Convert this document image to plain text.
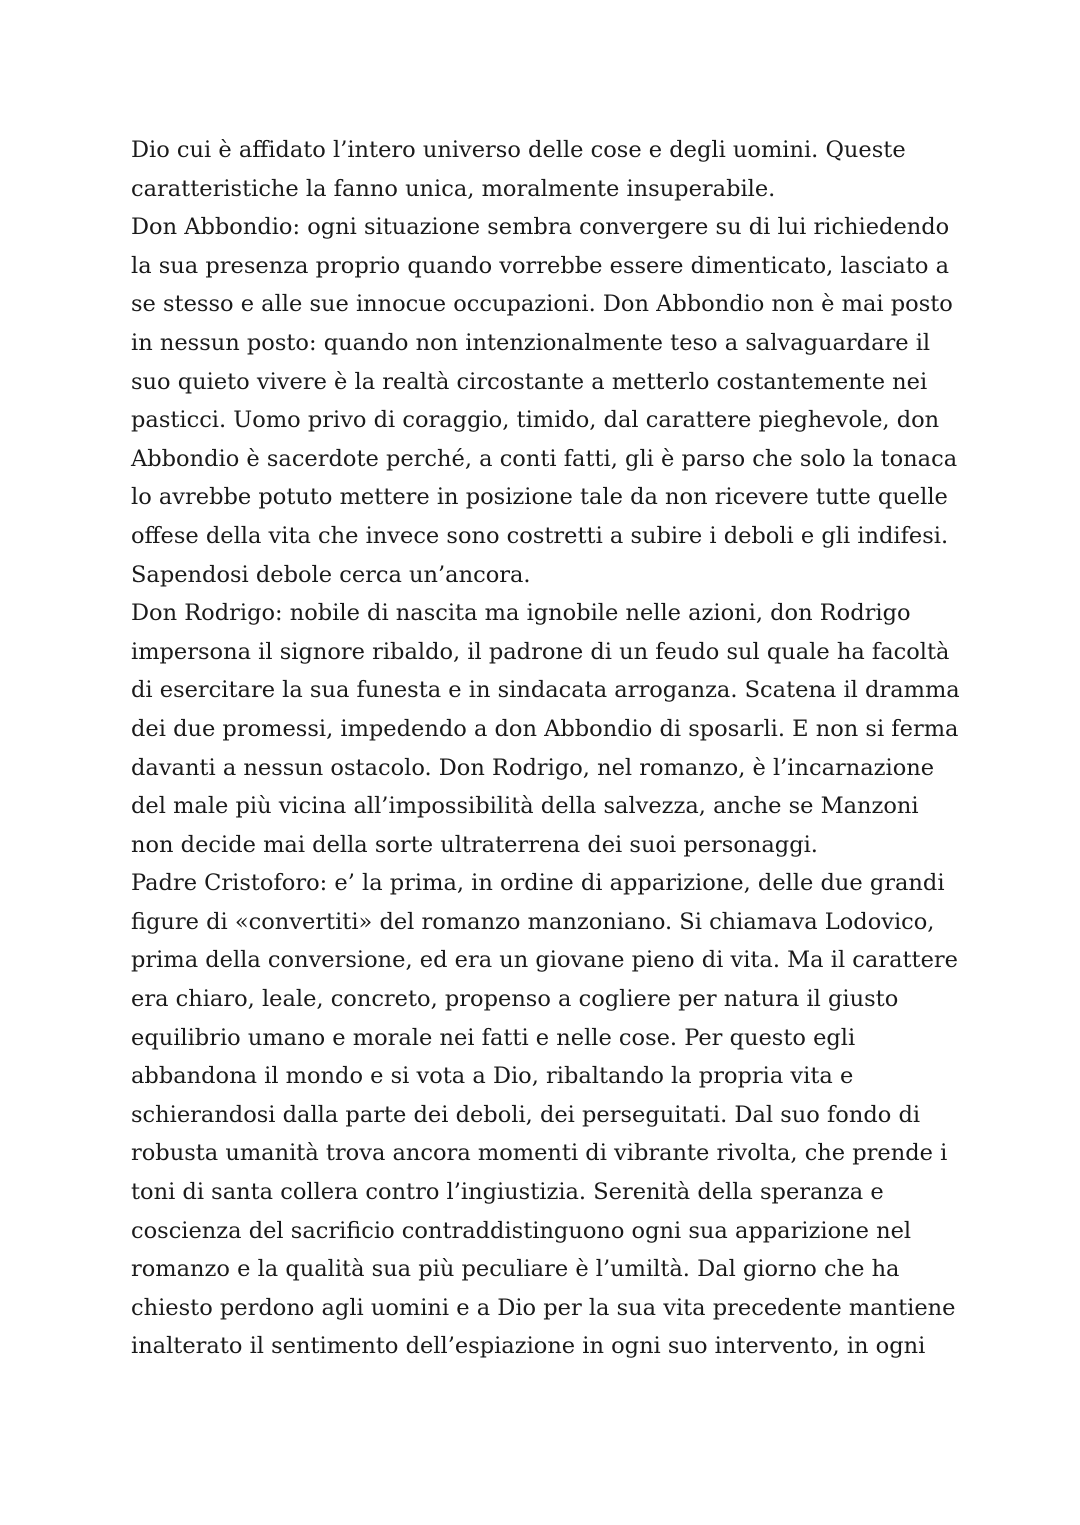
Dio cui è affidato l’intero universo delle cose e degli uomini. Queste
caratteristiche la fanno unica, moralmente insuperabile.
Don Abbondio: ogni situazione sembra convergere su di lui richiedendo
la sua presenza proprio quando vorrebbe essere dimenticato, lasciato a
se stesso e alle sue innocue occupazioni. Don Abbondio non è mai posto
in nessun posto: quando non intenzionalmente teso a salvaguardare il
suo quieto vivere è la realtà circostante a metterlo costantemente nei
pasticci. Uomo privo di coraggio, timido, dal carattere pieghevole, don
Abbondio è sacerdote perché, a conti fatti, gli è parso che solo la tonaca
lo avrebbe potuto mettere in posizione tale da non ricevere tutte quelle
offese della vita che invece sono costretti a subire i deboli e gli indifesi.
Sapendosi debole cerca un’ancora.
Don Rodrigo: nobile di nascita ma ignobile nelle azioni, don Rodrigo
impersona il signore ribaldo, il padrone di un feudo sul quale ha facoltà
di esercitare la sua funesta e in sindacata arroganza. Scatena il dramma
dei due promessi, impedendo a don Abbondio di sposarli. E non si ferma
davanti a nessun ostacolo. Don Rodrigo, nel romanzo, è l’incarnazione
del male più vicina all’impossibilità della salvezza, anche se Manzoni
non decide mai della sorte ultraterrena dei suoi personaggi.
Padre Cristoforo: e’ la prima, in ordine di apparizione, delle due grandi
figure di «convertiti» del romanzo manzoniano. Si chiamava Lodovico,
prima della conversione, ed era un giovane pieno di vita. Ma il carattere
era chiaro, leale, concreto, propenso a cogliere per natura il giusto
equilibrio umano e morale nei fatti e nelle cose. Per questo egli
abbandona il mondo e si vota a Dio, ribaltando la propria vita e
schierandosi dalla parte dei deboli, dei perseguitati. Dal suo fondo di
robusta umanità trova ancora momenti di vibrante rivolta, che prende i
toni di santa collera contro l’ingiustizia. Serenità della speranza e
coscienza del sacrificio contraddistinguono ogni sua apparizione nel
romanzo e la qualità sua più peculiare è l’umiltà. Dal giorno che ha
chiesto perdono agli uomini e a Dio per la sua vita precedente mantiene
inalterato il sentimento dell’espiazione in ogni suo intervento, in ogni
